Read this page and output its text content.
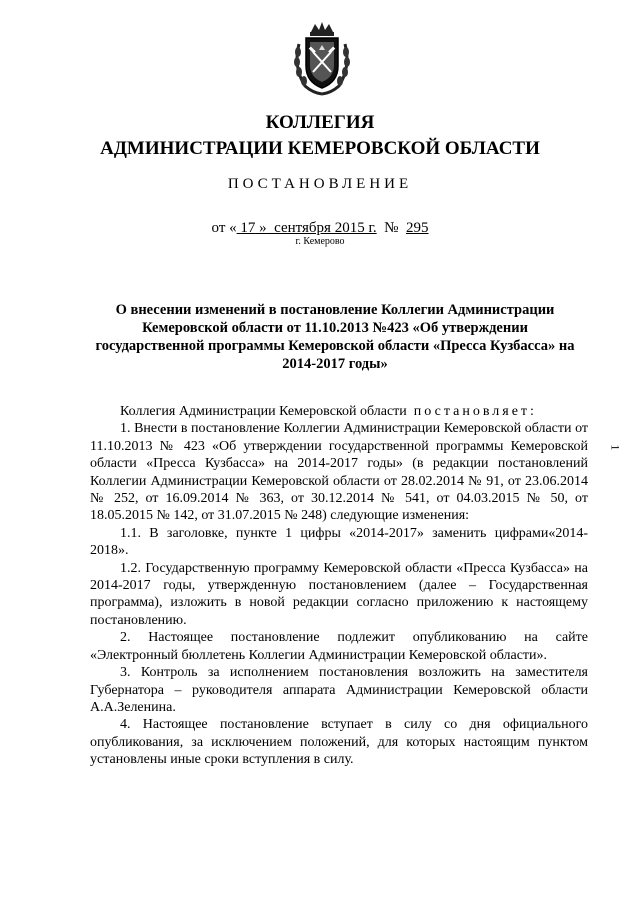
КОЛЛЕГИЯ
АДМИНИСТРАЦИИ КЕМЕРОВСКОЙ ОБЛАСТИ
ПОСТАНОВЛЕНИЕ
от « 17 » сентября 2015 г. № 295
г. Кемерово
О внесении изменений в постановление Коллегии Администрации Кемеровской области от 11.10.2013 №423 «Об утверждении государственной программы Кемеровской области «Пресса Кузбасса» на 2014-2017 годы»
1

Коллегия Администрации Кемеровской области постановляет:

1. Внести в постановление Коллегии Администрации Кемеровской области от 11.10.2013 № 423 «Об утверждении государственной программы Кемеровской области «Пресса Кузбасса» на 2014-2017 годы» (в редакции постановлений Коллегии Администрации Кемеровской области от 28.02.2014 № 91, от 23.06.2014 № 252, от 16.09.2014 № 363, от 30.12.2014 № 541, от 04.03.2015 № 50, от 18.05.2015 № 142, от 31.07.2015 № 248) следующие изменения:

1.1. В заголовке, пункте 1 цифры «2014-2017» заменить цифрами«2014-2018».

1.2. Государственную программу Кемеровской области «Пресса Кузбасса» на 2014-2017 годы, утвержденную постановлением (далее – Государственная программа), изложить в новой редакции согласно приложению к настоящему постановлению.

2. Настоящее постановление подлежит опубликованию на сайте «Электронный бюллетень Коллегии Администрации Кемеровской области».

3. Контроль за исполнением постановления возложить на заместителя Губернатора – руководителя аппарата Администрации Кемеровской области А.А.Зеленина.

4. Настоящее постановление вступает в силу со дня официального опубликования, за исключением положений, для которых настоящим пунктом установлены иные сроки вступления в силу.
